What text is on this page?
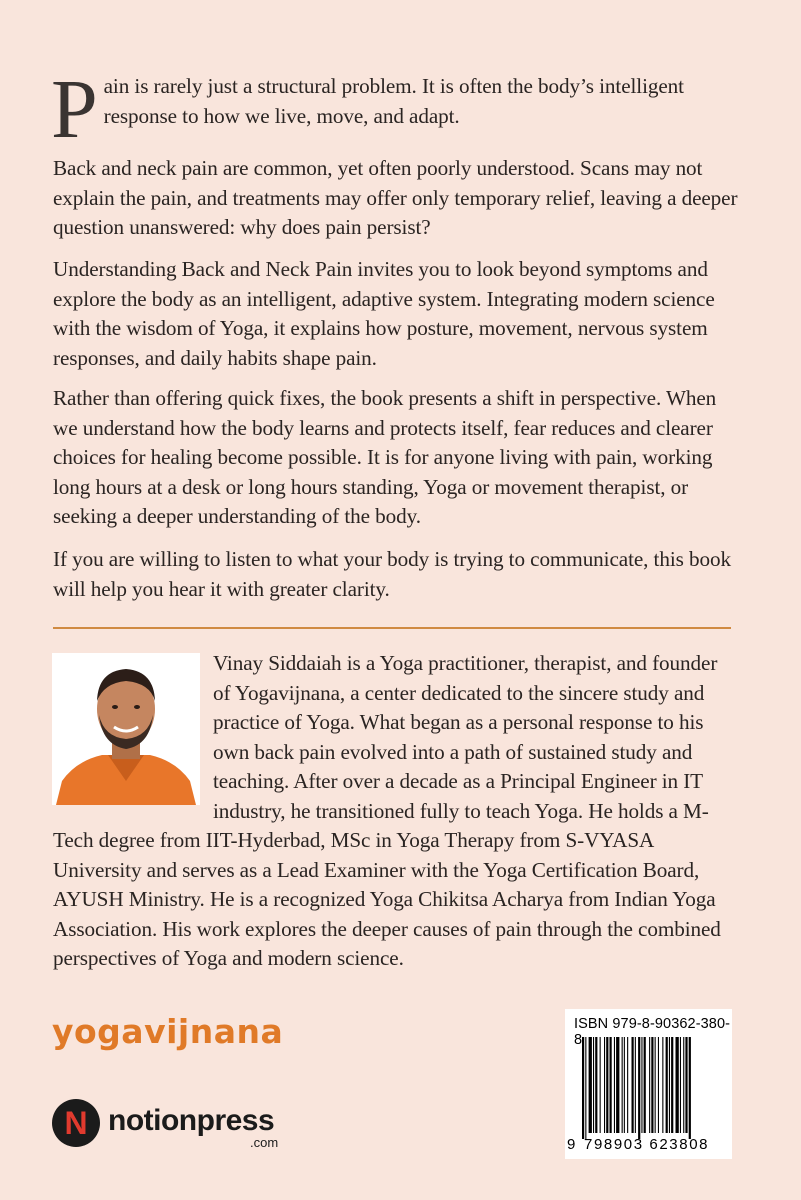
P ain is rarely just a structural problem. It is often the body’s intelligent response to how we live, move, and adapt.

Back and neck pain are common, yet often poorly understood. Scans may not explain the pain, and treatments may offer only temporary relief, leaving a deeper question unanswered: why does pain persist?

Understanding Back and Neck Pain invites you to look beyond symptoms and explore the body as an intelligent, adaptive system. Integrating modern science with the wisdom of Yoga, it explains how posture, movement, nervous system responses, and daily habits shape pain.

Rather than offering quick fixes, the book presents a shift in perspective. When we understand how the body learns and protects itself, fear reduces and clearer choices for healing become possible. It is for anyone living with pain, working long hours at a desk or long hours standing, Yoga or movement therapist, or seeking a deeper understanding of the body.

If you are willing to listen to what your body is trying to communicate, this book will help you hear it with greater clarity.

Vinay Siddaiah is a Yoga practitioner, therapist, and founder of Yogavijnana, a center dedicated to the sincere study and practice of Yoga. What began as a personal response to his own back pain evolved into a path of sustained study and teaching. After over a decade as a Principal Engineer in IT industry, he transitioned fully to teach Yoga. He holds a M-Tech degree from IIT-Hyderbad, MSc in Yoga Therapy from S-VYASA University and serves as a Lead Examiner with the Yoga Certification Board, AYUSH Ministry. He is a recognized Yoga Chikitsa Acharya from Indian Yoga Association. His work explores the deeper causes of pain through the combined perspectives of Yoga and modern science.

yogavijnana
N notionpress
.com
ISBN 979-8-90362-380-8
9 798903 623808
